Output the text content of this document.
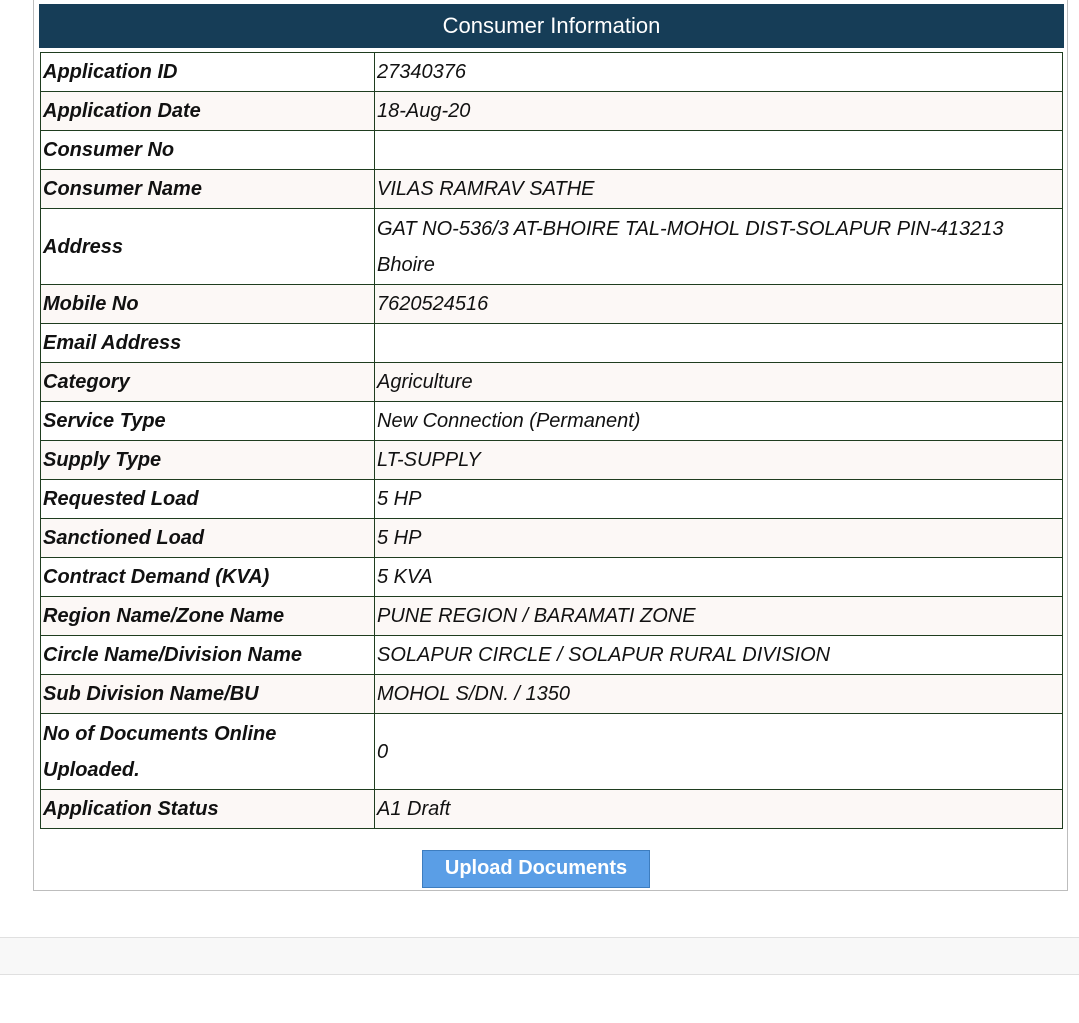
Consumer Information
Application ID	27340376
Application Date	18-Aug-20
Consumer No	
Consumer Name	VILAS RAMRAV SATHE
Address	GAT NO-536/3 AT-BHOIRE TAL-MOHOL DIST-SOLAPUR PIN-413213 Bhoire
Mobile No	7620524516
Email Address	
Category	Agriculture
Service Type	New Connection (Permanent)
Supply Type	LT-SUPPLY
Requested Load	5 HP
Sanctioned Load	5 HP
Contract Demand (KVA)	5 KVA
Region Name/Zone Name	PUNE REGION / BARAMATI ZONE
Circle Name/Division Name	SOLAPUR CIRCLE / SOLAPUR RURAL DIVISION
Sub Division Name/BU	MOHOL S/DN. / 1350
No of Documents Online Uploaded.	0
Application Status	A1 Draft
Upload Documents
